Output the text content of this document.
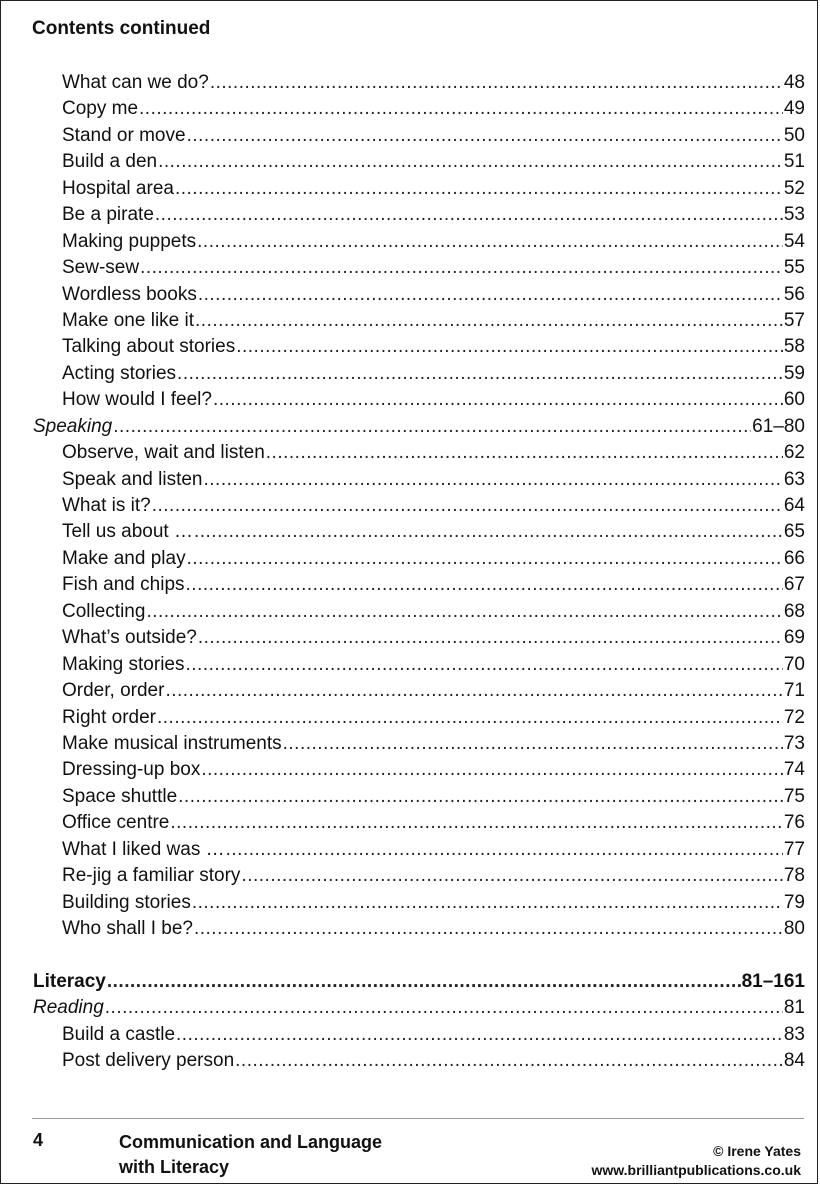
Contents continued
What can we do? .....	48
Copy me .....	49
Stand or move .....	50
Build a den .....	51
Hospital area .....	52
Be a pirate .....	53
Making puppets .....	54
Sew-sew .....	55
Wordless books .....	56
Make one like it .....	57
Talking about stories .....	58
Acting stories .....	59
How would I feel? .....	60
Speaking .....	61–80
Observe, wait and listen .....	62
Speak and listen .....	63
What is it? .....	64
Tell us about … .....	65
Make and play .....	66
Fish and chips .....	67
Collecting .....	68
What’s outside? .....	69
Making stories .....	70
Order, order .....	71
Right order .....	72
Make musical instruments .....	73
Dressing-up box .....	74
Space shuttle .....	75
Office centre .....	76
What I liked was … .....	77
Re-jig a familiar story .....	78
Building stories .....	79
Who shall I be? .....	80
Literacy .....	81–161
Reading .....	81
Build a castle .....	83
Post delivery person .....	84
4	Communication and Language
with Literacy
© Irene Yates
www.brilliantpublications.co.uk
